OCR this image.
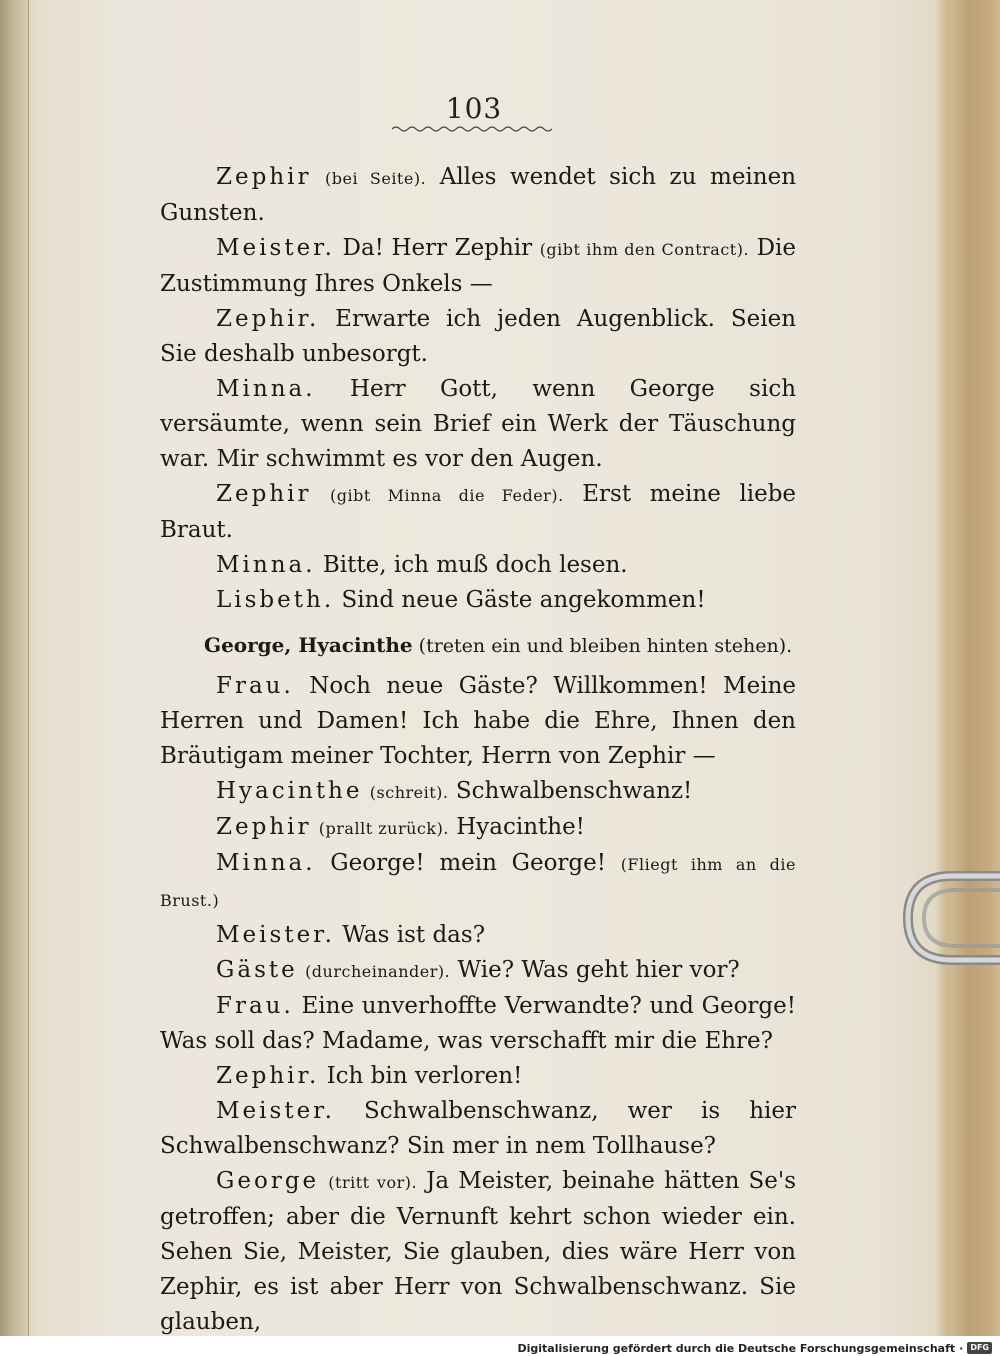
103

Zephir (bei Seite). Alles wendet sich zu meinen Gunsten.

Meister. Da! Herr Zephir (gibt ihm den Contract). Die Zustimmung Ihres Onkels —

Zephir. Erwarte ich jeden Augenblick. Seien Sie deshalb unbesorgt.

Minna. Herr Gott, wenn George sich versäumte, wenn sein Brief ein Werk der Täuschung war. Mir schwimmt es vor den Augen.

Zephir (gibt Minna die Feder). Erst meine liebe Braut.

Minna. Bitte, ich muß doch lesen.

Lisbeth. Sind neue Gäste angekommen!

George, Hyacinthe (treten ein und bleiben hinten stehen).

Frau. Noch neue Gäste? Willkommen! Meine Herren und Damen! Ich habe die Ehre, Ihnen den Bräutigam meiner Tochter, Herrn von Zephir —

Hyacinthe (schreit). Schwalbenschwanz!

Zephir (prallt zurück). Hyacinthe!

Minna. George! mein George! (Fliegt ihm an die Brust.)

Meister. Was ist das?

Gäste (durcheinander). Wie? Was geht hier vor?

Frau. Eine unverhoffte Verwandte? und George! Was soll das? Madame, was verschafft mir die Ehre?

Zephir. Ich bin verloren!

Meister. Schwalbenschwanz, wer is hier Schwalbenschwanz? Sin mer in nem Tollhause?

George (tritt vor). Ja Meister, beinahe hätten Se's getroffen; aber die Vernunft kehrt schon wieder ein. Sehen Sie, Meister, Sie glauben, dies wäre Herr von Zephir, es ist aber Herr von Schwalbenschwanz. Sie glauben,

Digitalisierung gefördert durch die Deutsche Forschungsgemeinschaft · DFG
